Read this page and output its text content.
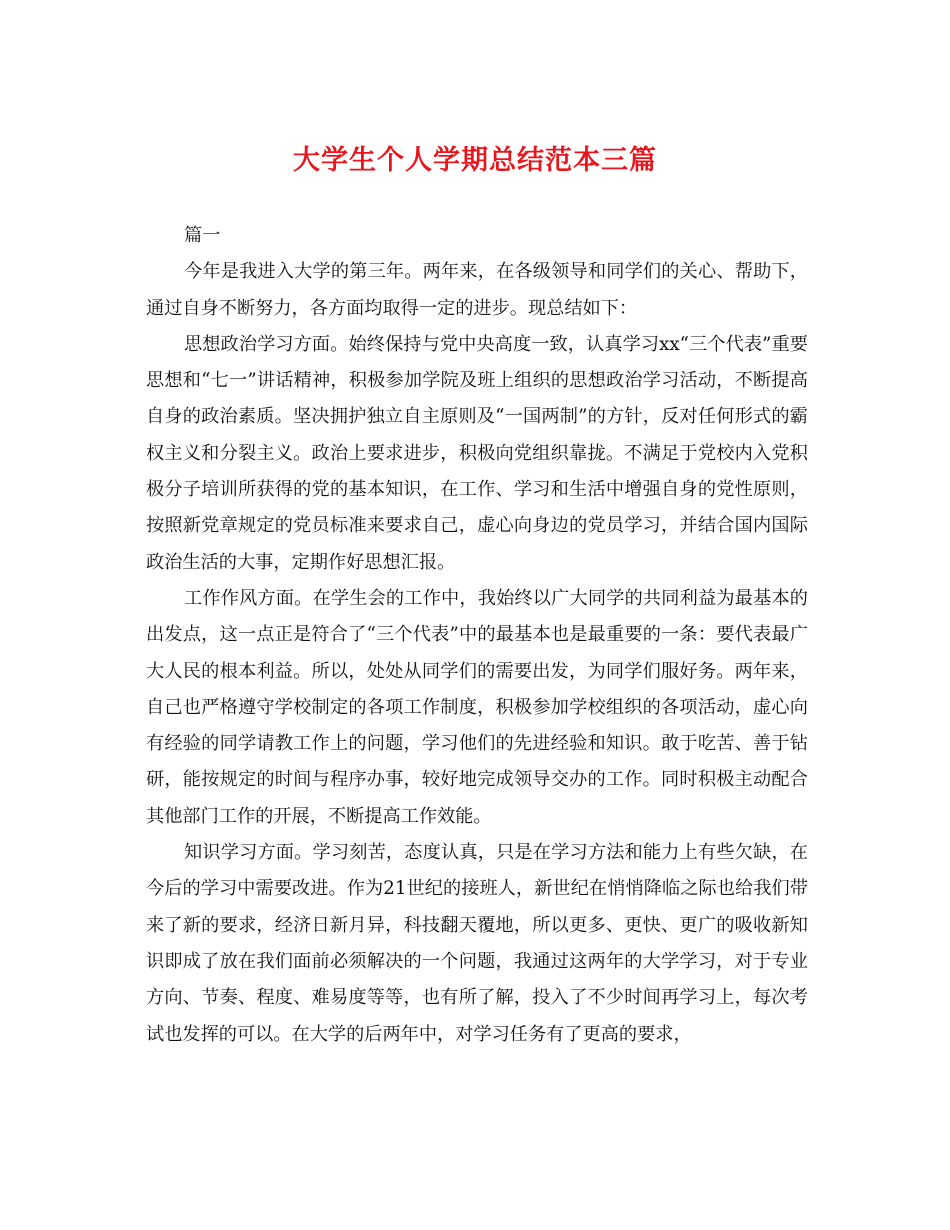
大学生个人学期总结范本三篇

篇一

今年是我进入大学的第三年。两年来，在各级领导和同学们的关心、帮助下，通过自身不断努力，各方面均取得一定的进步。现总结如下：

思想政治学习方面。始终保持与党中央高度一致，认真学习xx“三个代表”重要思想和“七一”讲话精神，积极参加学院及班上组织的思想政治学习活动，不断提高自身的政治素质。坚决拥护独立自主原则及“一国两制”的方针，反对任何形式的霸权主义和分裂主义。政治上要求进步，积极向党组织靠拢。不满足于党校内入党积极分子培训所获得的党的基本知识，在工作、学习和生活中增强自身的党性原则，按照新党章规定的党员标准来要求自己，虚心向身边的党员学习，并结合国内国际政治生活的大事，定期作好思想汇报。

工作作风方面。在学生会的工作中，我始终以广大同学的共同利益为最基本的出发点，这一点正是符合了“三个代表”中的最基本也是最重要的一条：要代表最广大人民的根本利益。所以，处处从同学们的需要出发，为同学们服好务。两年来，自己也严格遵守学校制定的各项工作制度，积极参加学校组织的各项活动，虚心向有经验的同学请教工作上的问题，学习他们的先进经验和知识。敢于吃苦、善于钻研，能按规定的时间与程序办事，较好地完成领导交办的工作。同时积极主动配合其他部门工作的开展，不断提高工作效能。

知识学习方面。学习刻苦，态度认真，只是在学习方法和能力上有些欠缺，在今后的学习中需要改进。作为21世纪的接班人，新世纪在悄悄降临之际也给我们带来了新的要求，经济日新月异，科技翻天覆地，所以更多、更快、更广的吸收新知识即成了放在我们面前必须解决的一个问题，我通过这两年的大学学习，对于专业方向、节奏、程度、难易度等等，也有所了解，投入了不少时间再学习上，每次考试也发挥的可以。在大学的后两年中，对学习任务有了更高的要求，
